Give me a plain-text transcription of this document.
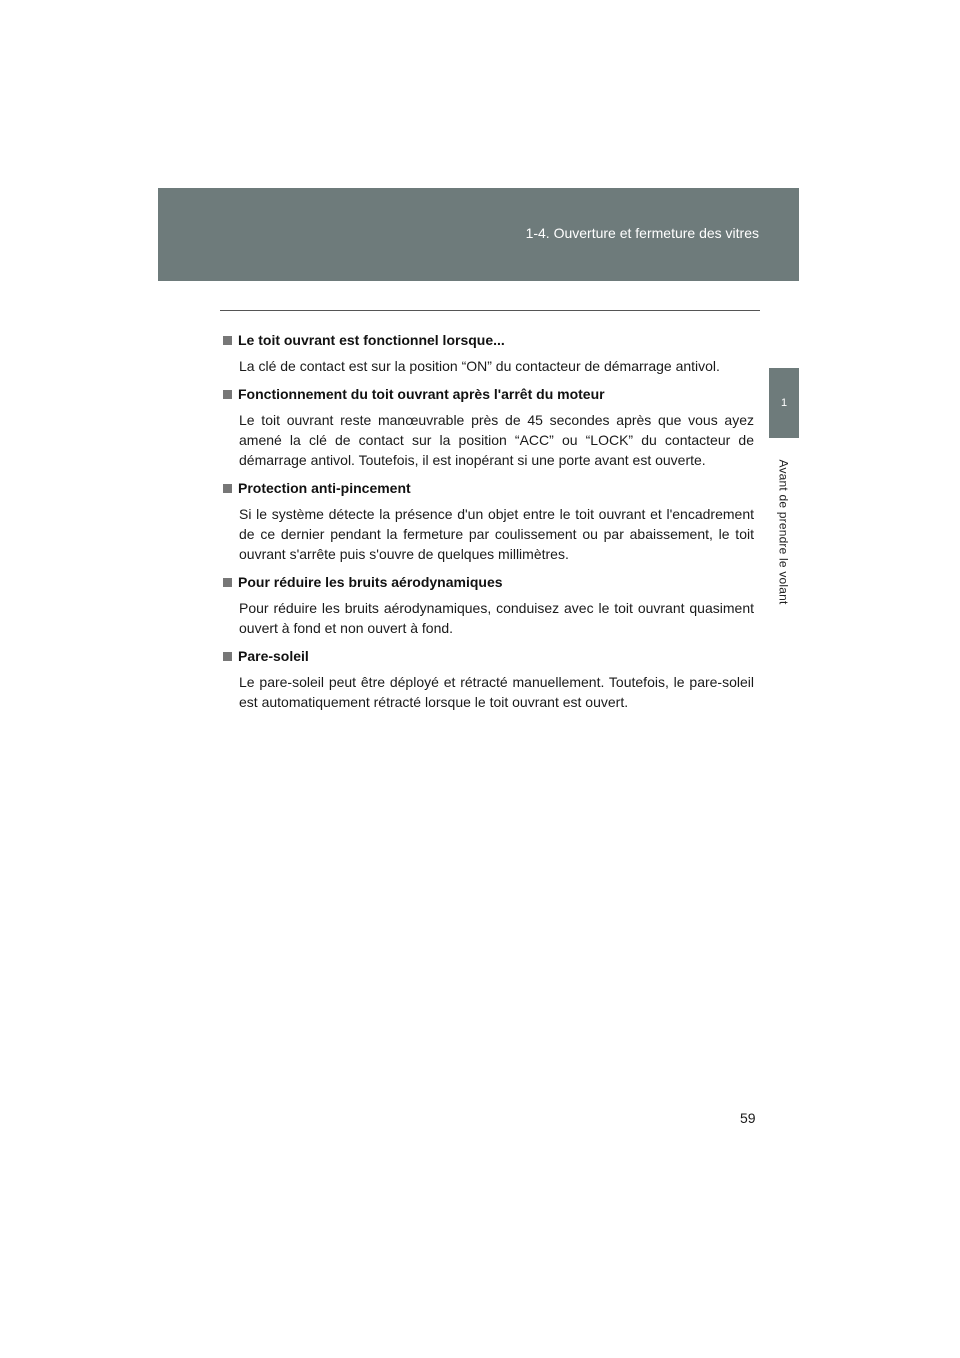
1-4. Ouverture et fermeture des vitres
1
Avant de prendre le volant
Le toit ouvrant est fonctionnel lorsque...
La clé de contact est sur la position “ON” du contacteur de démarrage antivol.
Fonctionnement du toit ouvrant après l'arrêt du moteur
Le toit ouvrant reste manœuvrable près de 45 secondes après que vous ayez amené la clé de contact sur la position “ACC” ou “LOCK” du contacteur de démarrage antivol. Toutefois, il est inopérant si une porte avant est ouverte.
Protection anti-pincement
Si le système détecte la présence d'un objet entre le toit ouvrant et l'encadrement de ce dernier pendant la fermeture par coulissement ou par abaissement, le toit ouvrant s'arrête puis s'ouvre de quelques millimètres.
Pour réduire les bruits aérodynamiques
Pour réduire les bruits aérodynamiques, conduisez avec le toit ouvrant quasiment ouvert à fond et non ouvert à fond.
Pare-soleil
Le pare-soleil peut être déployé et rétracté manuellement. Toutefois, le pare-soleil est automatiquement rétracté lorsque le toit ouvrant est ouvert.
59
